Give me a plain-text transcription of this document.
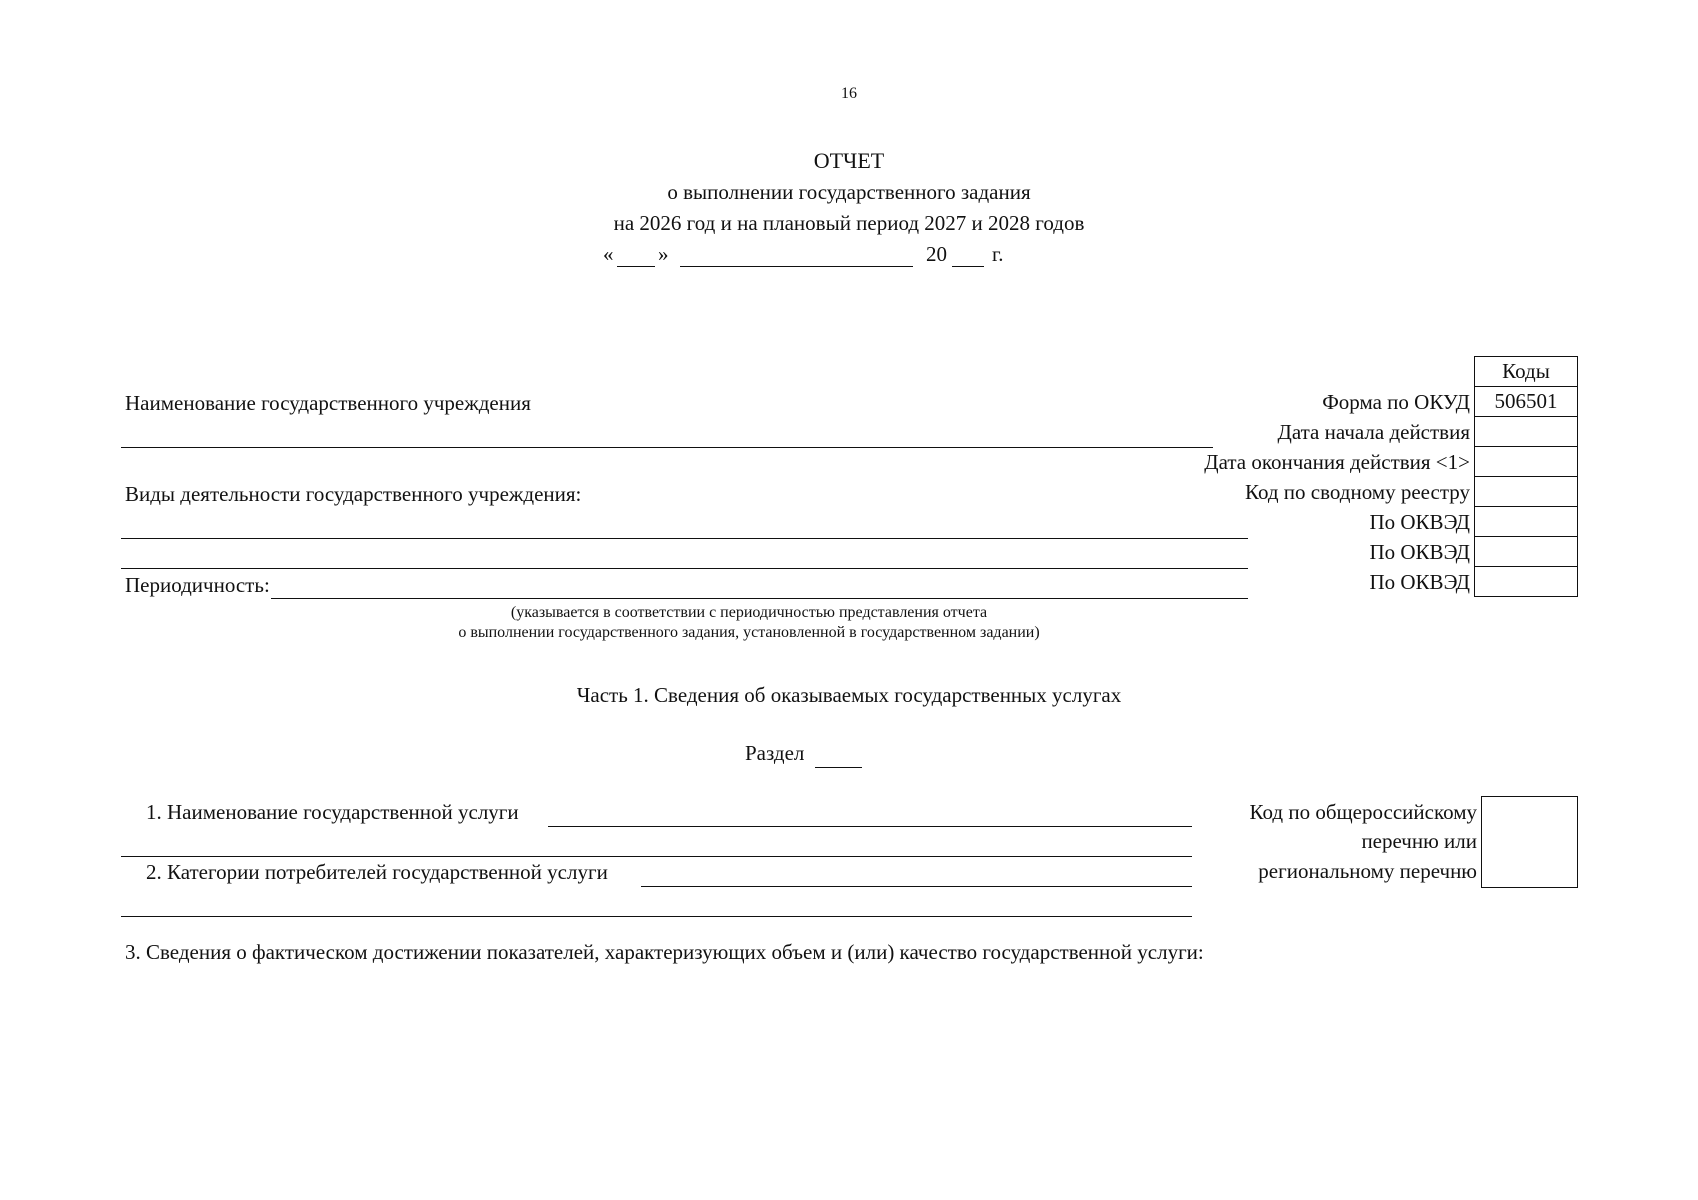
16
ОТЧЕТ
о выполнении государственного задания
на 2026 год и на плановый период 2027 и 2028 годов
« »	20 г.
Коды
Форма по ОКУД	506501
Дата начала действия
Дата окончания действия <1>
Код по сводному реестру
По ОКВЭД
По ОКВЭД
По ОКВЭД
Наименование государственного учреждения
Виды деятельности государственного учреждения:
Периодичность:
(указывается в соответствии с периодичностью представления отчета
о выполнении государственного задания, установленной в государственном задании)
Часть 1. Сведения об оказываемых государственных услугах
Раздел
1. Наименование государственной услуги
2. Категории потребителей государственной услуги
Код по общероссийскому
перечню или
региональному перечню
3. Сведения о фактическом достижении показателей, характеризующих объем и (или) качество государственной услуги:
